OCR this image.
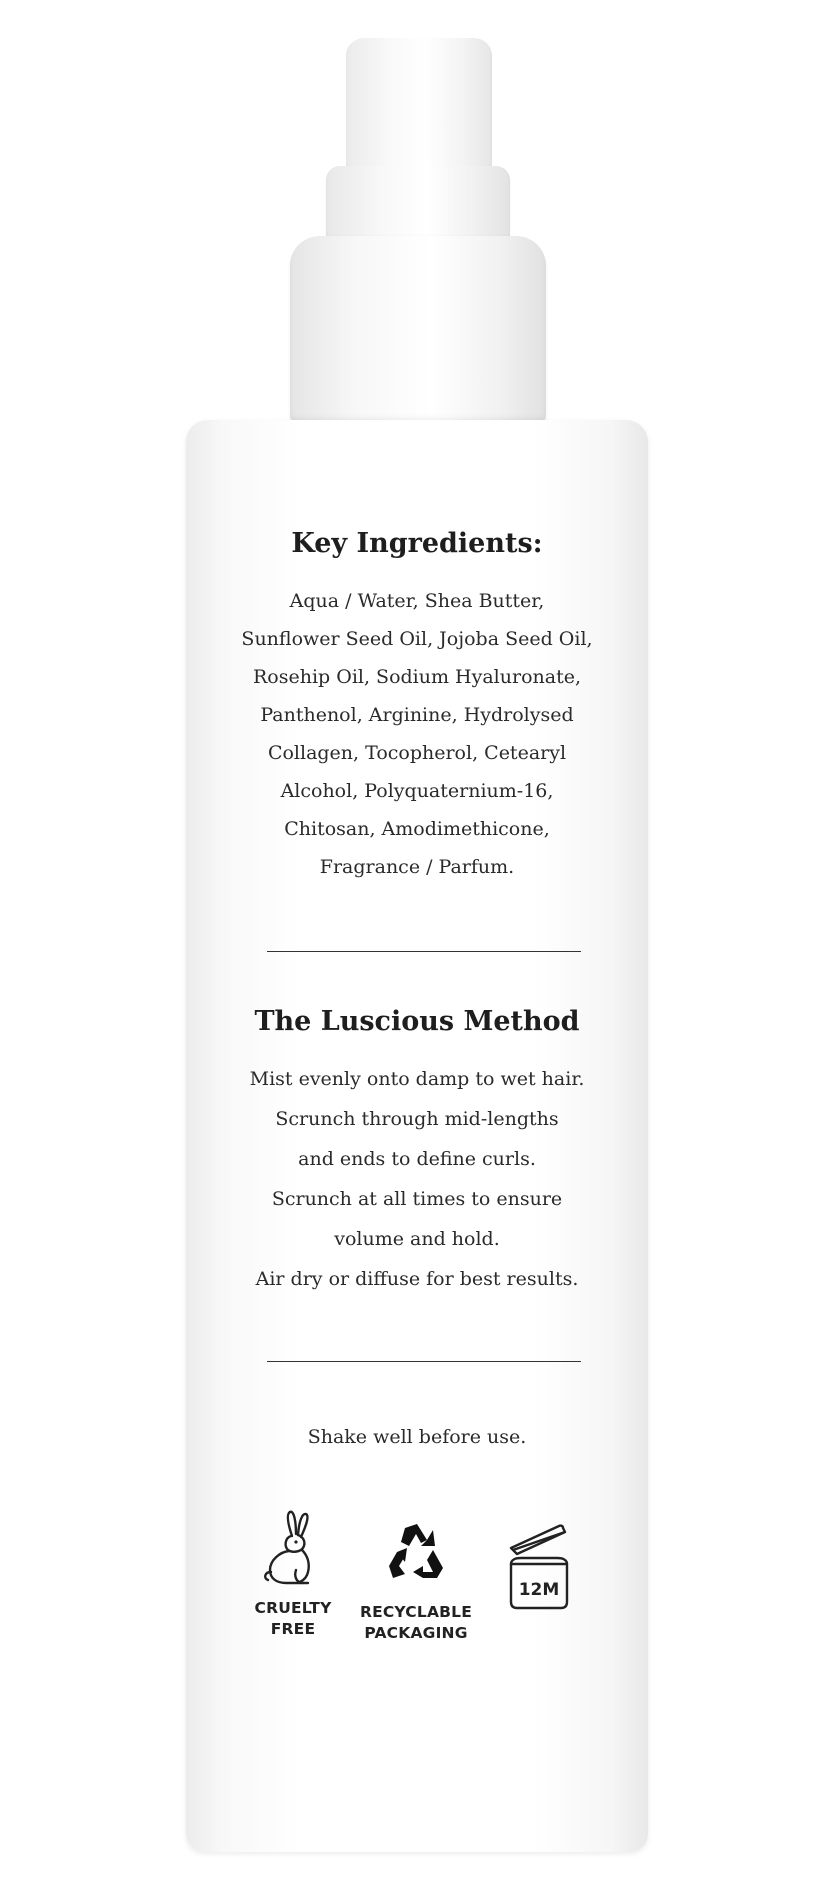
Key Ingredients:
Aqua / Water, Shea Butter,
Sunflower Seed Oil, Jojoba Seed Oil,
Rosehip Oil, Sodium Hyaluronate,
Panthenol, Arginine, Hydrolysed
Collagen, Tocopherol, Cetearyl
Alcohol, Polyquaternium-16,
Chitosan, Amodimethicone,
Fragrance / Parfum.
The Luscious Method
Mist evenly onto damp to wet hair.
Scrunch through mid-lengths
and ends to define curls.
Scrunch at all times to ensure
volume and hold.
Air dry or diffuse for best results.
Shake well before use.
CRUELTY
FREE
RECYCLABLE
PACKAGING
12M
